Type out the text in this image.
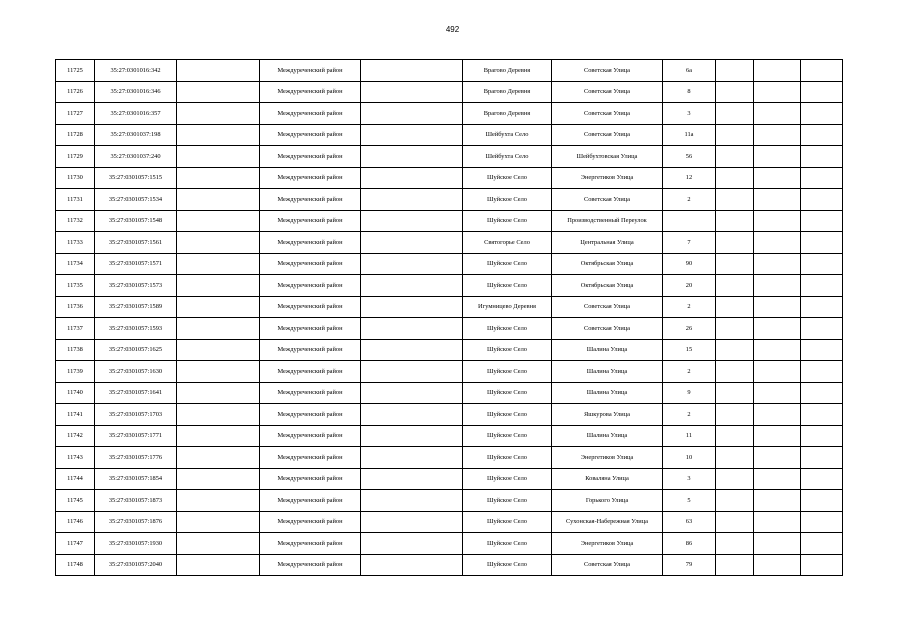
492
11725	35:27:0301016:342		Междуреченский район		Врагово Деревня	Советская Улица	6а			
11726	35:27:0301016:346		Междуреченский район		Врагово Деревня	Советская Улица	8			
11727	35:27:0301016:357		Междуреченский район		Врагово Деревня	Советская Улица	3			
11728	35:27:0301037:198		Междуреченский район		Шейбухта Село	Советская Улица	11а			
11729	35:27:0301037:240		Междуреченский район		Шейбухта Село	Шейбухтовская Улица	56			
11730	35:27:0301057:1515		Междуреченский район		Шуйское Село	Энергетиков Улица	12			
11731	35:27:0301057:1534		Междуреченский район		Шуйское Село	Советская Улица	2			
11732	35:27:0301057:1548		Междуреченский район		Шуйское Село	Производственный Переулок				
11733	35:27:0301057:1561		Междуреченский район		Святогорье Село	Центральная Улица	7			
11734	35:27:0301057:1571		Междуреченский район		Шуйское Село	Октябрьская Улица	90			
11735	35:27:0301057:1573		Междуреченский район		Шуйское Село	Октябрьская Улица	20			
11736	35:27:0301057:1589		Междуреченский район		Игумницево Деревня	Советская Улица	2			
11737	35:27:0301057:1593		Междуреченский район		Шуйское Село	Советская Улица	26			
11738	35:27:0301057:1625		Междуреченский район		Шуйское Село	Шалина Улица	15			
11739	35:27:0301057:1630		Междуреченский район		Шуйское Село	Шалина Улица	2			
11740	35:27:0301057:1641		Междуреченский район		Шуйское Село	Шалина Улица	9			
11741	35:27:0301057:1703		Междуреченский район		Шуйское Село	Яшкуровa Улица	2			
11742	35:27:0301057:1771		Междуреченский район		Шуйское Село	Шалина Улица	11			
11743	35:27:0301057:1776		Междуреченский район		Шуйское Село	Энергетиков Улица	10			
11744	35:27:0301057:1854		Междуреченский район		Шуйское Село	Коваляна Улица	3			
11745	35:27:0301057:1873		Междуреченский район		Шуйское Село	Горького Улица	5			
11746	35:27:0301057:1876		Междуреченский район		Шуйское Село	Сухонская-Набережная Улица	63			
11747	35:27:0301057:1930		Междуреченский район		Шуйское Село	Энергетиков Улица	86			
11748	35:27:0301057:2040		Междуреченский район		Шуйское Село	Советская Улица	79			
